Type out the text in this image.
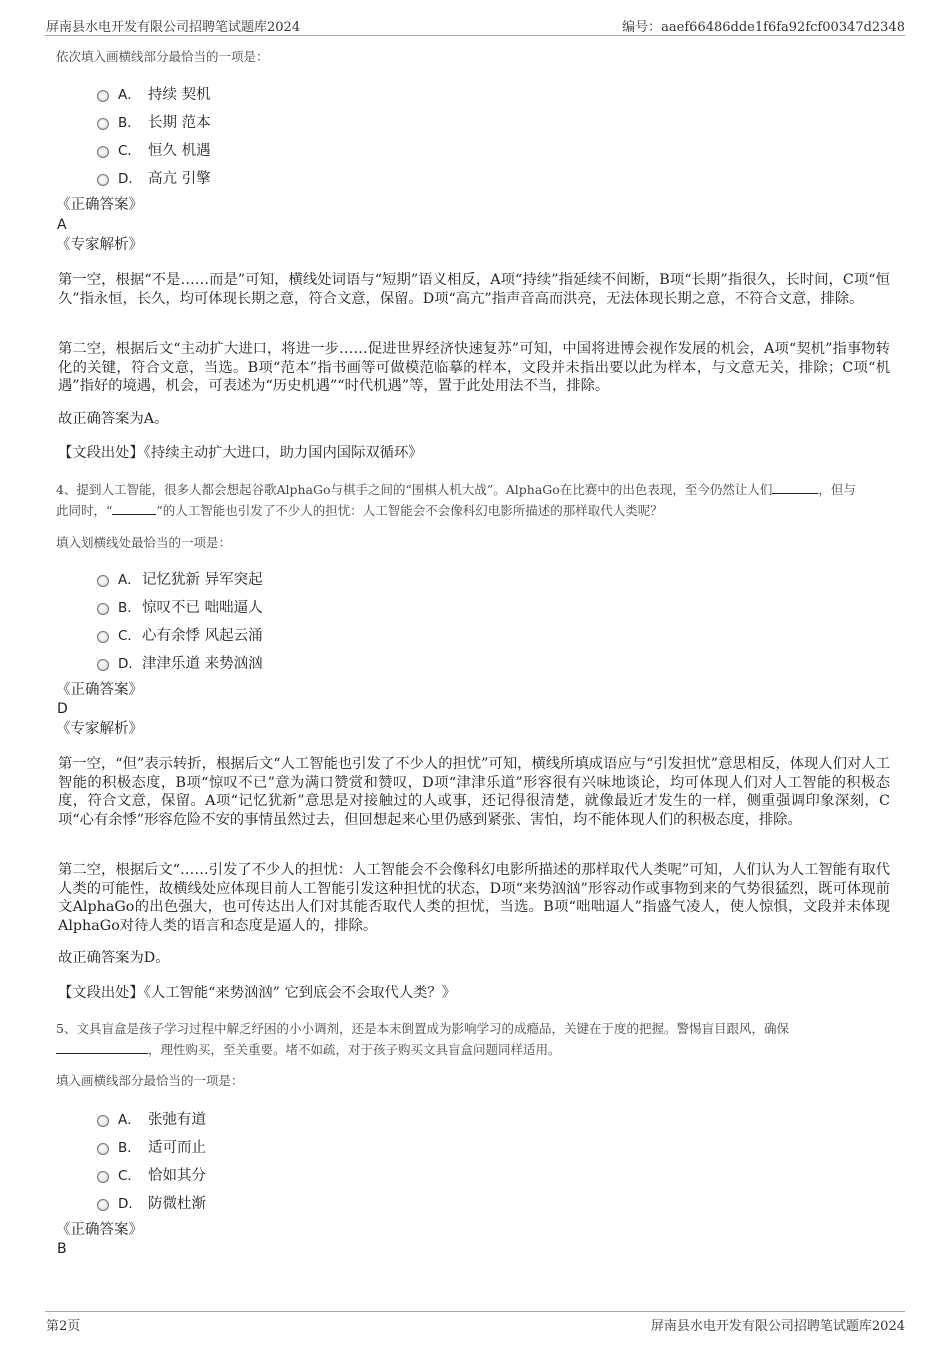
屏南县水电开发有限公司招聘笔试题库2024	编号：aaef66486dde1f6fa92fcf00347d2348
依次填入画横线部分最恰当的一项是：
A． 持续 契机
B． 长期 范本
C． 恒久 机遇
D． 高亢 引擎
《正确答案》
A
《专家解析》
第一空，根据“不是……而是”可知，横线处词语与“短期”语义相反，A项“持续”指延续不间断，B项“长期”指很久，长时间，C项“恒久”指永恒，长久，均可体现长期之意，符合文意，保留。D项“高亢”指声音高而洪亮，无法体现长期之意，不符合文意，排除。
第二空，根据后文“主动扩大进口，将进一步……促进世界经济快速复苏”可知，中国将进博会视作发展的机会，A项“契机”指事物转化的关键，符合文意，当选。B项“范本”指书画等可做模范临摹的样本，文段并未指出要以此为样本，与文意无关，排除；C项“机遇”指好的境遇，机会，可表述为“历史机遇”“时代机遇”等，置于此处用法不当，排除。
故正确答案为A。
【文段出处】《持续主动扩大进口，助力国内国际双循环》
4、提到人工智能，很多人都会想起谷歌AlphaGo与棋手之间的“围棋人机大战”。AlphaGo在比赛中的出色表现，至今仍然让人们	，但与
此同时，“	”的人工智能也引发了不少人的担忧：人工智能会不会像科幻电影所描述的那样取代人类呢？
填入划横线处最恰当的一项是：
A．记忆犹新 异军突起
B．惊叹不已 咄咄逼人
C．心有余悸 风起云涌
D．津津乐道 来势汹汹
《正确答案》
D
《专家解析》
第一空，“但”表示转折，根据后文“人工智能也引发了不少人的担忧”可知，横线所填成语应与“引发担忧”意思相反，体现人们对人工智能的积极态度，B项“惊叹不已”意为满口赞赏和赞叹，D项“津津乐道”形容很有兴味地谈论，均可体现人们对人工智能的积极态度，符合文意，保留。A项“记忆犹新”意思是对接触过的人或事，还记得很清楚，就像最近才发生的一样，侧重强调印象深刻，C项“心有余悸”形容危险不安的事情虽然过去，但回想起来心里仍感到紧张、害怕，均不能体现人们的积极态度，排除。
第二空，根据后文“……引发了不少人的担忧：人工智能会不会像科幻电影所描述的那样取代人类呢”可知，人们认为人工智能有取代人类的可能性，故横线处应体现目前人工智能引发这种担忧的状态，D项“来势汹汹”形容动作或事物到来的气势很猛烈，既可体现前文AlphaGo的出色强大，也可传达出人们对其能否取代人类的担忧，当选。B项“咄咄逼人”指盛气凌人，使人惊惧，文段并未体现AlphaGo对待人类的语言和态度是逼人的，排除。
故正确答案为D。
【文段出处】《人工智能“来势汹汹” 它到底会不会取代人类？》
5、文具盲盒是孩子学习过程中解乏纾困的小小调剂，还是本末倒置成为影响学习的成瘾品，关键在于度的把握。警惕盲目跟风，确保
，理性购买，至关重要。堵不如疏，对于孩子购买文具盲盒问题同样适用。
填入画横线部分最恰当的一项是：
A． 张弛有道
B． 适可而止
C． 恰如其分
D． 防微杜渐
《正确答案》
B
第2页	屏南县水电开发有限公司招聘笔试题库2024
